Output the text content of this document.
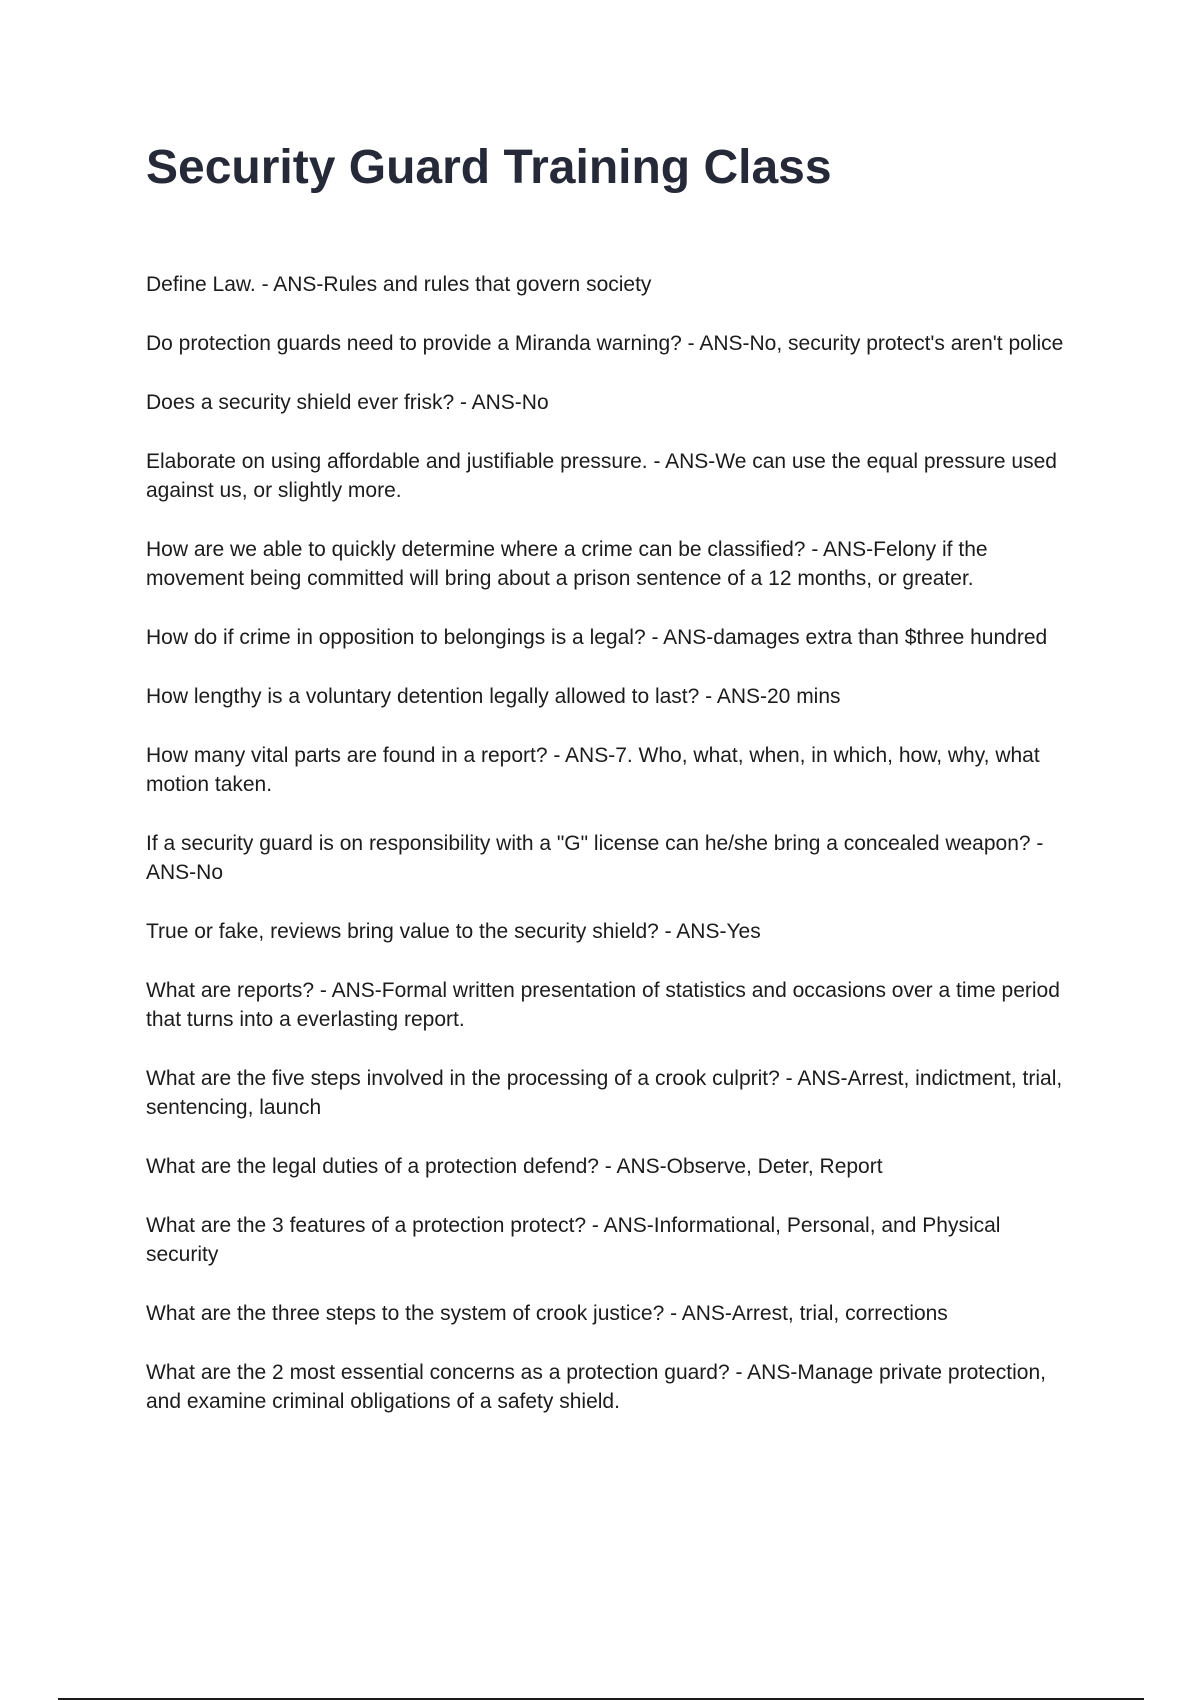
Security Guard Training Class
Define Law. - ANS-Rules and rules that govern society
Do protection guards need to provide a Miranda warning? - ANS-No, security protect's aren't police
Does a security shield ever frisk? - ANS-No
Elaborate on using affordable and justifiable pressure. - ANS-We can use the equal pressure used against us, or slightly more.
How are we able to quickly determine where a crime can be classified? - ANS-Felony if the movement being committed will bring about a prison sentence of a 12 months, or greater.
How do if crime in opposition to belongings is a legal? - ANS-damages extra than $three hundred
How lengthy is a voluntary detention legally allowed to last? - ANS-20 mins
How many vital parts are found in a report? - ANS-7. Who, what, when, in which, how, why, what motion taken.
If a security guard is on responsibility with a "G" license can he/she bring a concealed weapon? - ANS-No
True or fake, reviews bring value to the security shield? - ANS-Yes
What are reports? - ANS-Formal written presentation of statistics and occasions over a time period that turns into a everlasting report.
What are the five steps involved in the processing of a crook culprit? - ANS-Arrest, indictment, trial, sentencing, launch
What are the legal duties of a protection defend? - ANS-Observe, Deter, Report
What are the 3 features of a protection protect? - ANS-Informational, Personal, and Physical security
What are the three steps to the system of crook justice? - ANS-Arrest, trial, corrections
What are the 2 most essential concerns as a protection guard? - ANS-Manage private protection, and examine criminal obligations of a safety shield.
